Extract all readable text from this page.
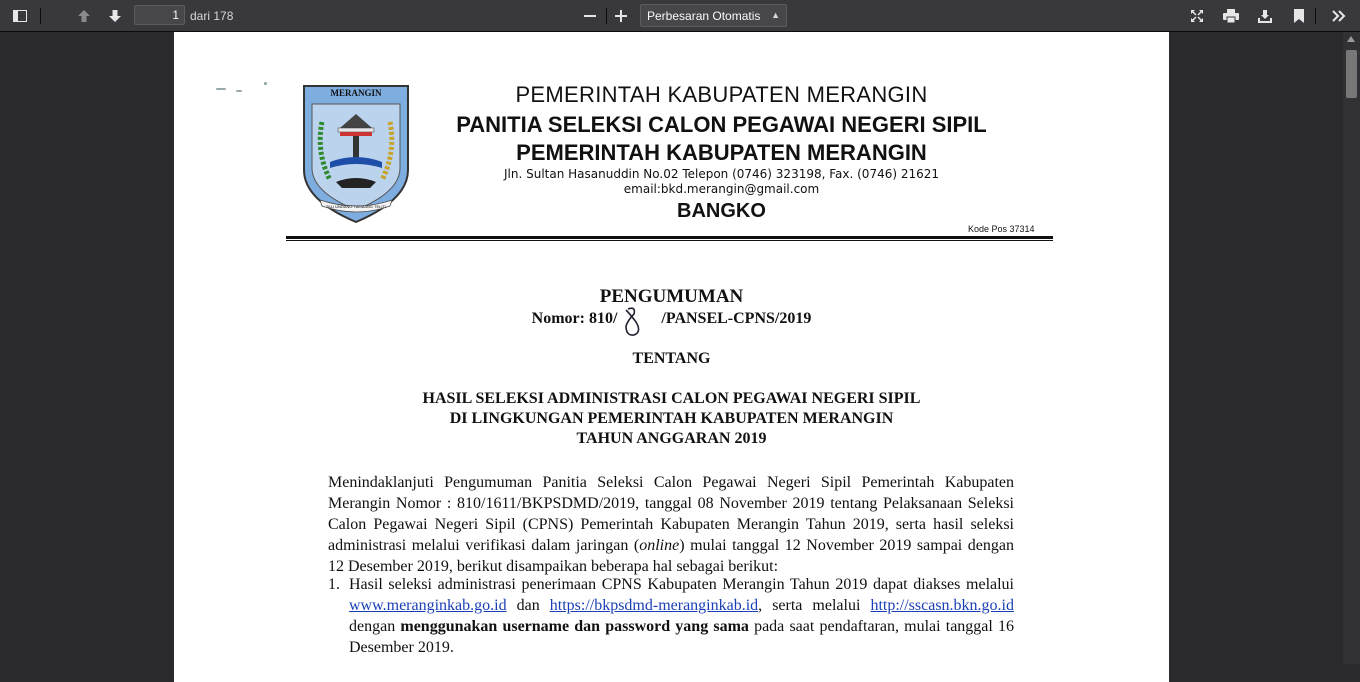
1 dari 178	Perbesaran Otomatis ▲

MERANGIN
TALI UNDANG TAMBANG TELITI
PEMERINTAH KABUPATEN MERANGIN
PANITIA SELEKSI CALON PEGAWAI NEGERI SIPIL
PEMERINTAH KABUPATEN MERANGIN
Jln. Sultan Hasanuddin No.02 Telepon (0746) 323198, Fax. (0746) 21621
email:bkd.merangin@gmail.com
BANGKO
Kode Pos 37314
PENGUMUMAN
Nomor: 810/	/PANSEL-CPNS/2019
TENTANG
HASIL SELEKSI ADMINISTRASI CALON PEGAWAI NEGERI SIPIL
DI LINGKUNGAN PEMERINTAH KABUPATEN MERANGIN
TAHUN ANGGARAN 2019
Menindaklanjuti Pengumuman Panitia Seleksi Calon Pegawai Negeri Sipil Pemerintah Kabupaten Merangin Nomor : 810/1611/BKPSDMD/2019, tanggal 08 November 2019 tentang Pelaksanaan Seleksi Calon Pegawai Negeri Sipil (CPNS) Pemerintah Kabupaten Merangin Tahun 2019, serta hasil seleksi administrasi melalui verifikasi dalam jaringan (online) mulai tanggal 12 November 2019 sampai dengan 12 Desember 2019, berikut disampaikan beberapa hal sebagai berikut:
1. Hasil seleksi administrasi penerimaan CPNS Kabupaten Merangin Tahun 2019 dapat diakses melalui www.meranginkab.go.id dan https://bkpsdmd-meranginkab.id, serta melalui http://sscasn.bkn.go.id dengan menggunakan username dan password yang sama pada saat pendaftaran, mulai tanggal 16 Desember 2019.
